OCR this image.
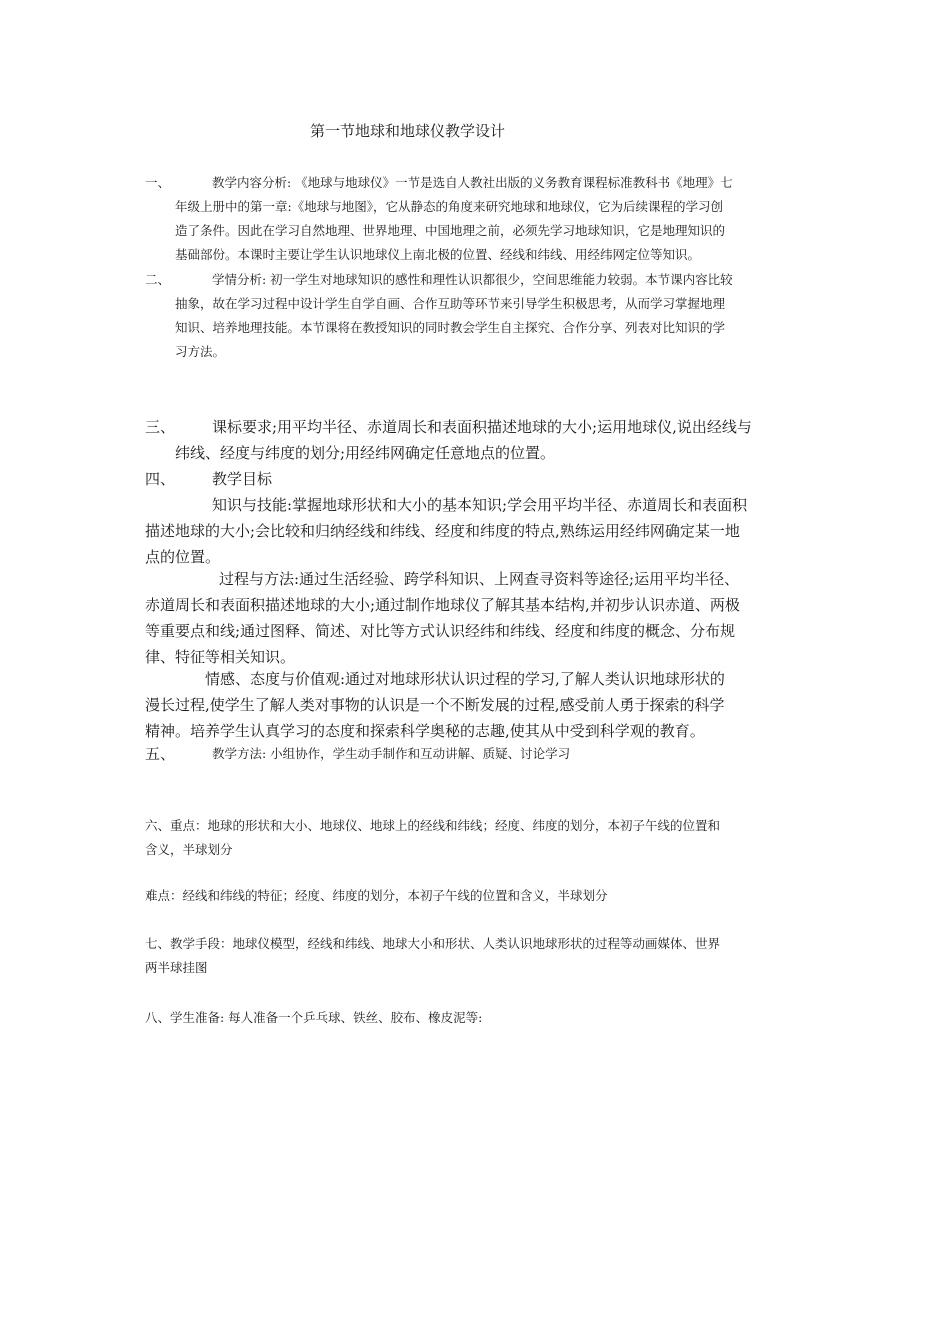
第一节地球和地球仪教学设计
一、	教学内容分析: 《地球与地球仪》一节是选自人教社出版的义务教育课程标准教科书《地理》七
年级上册中的第一章:《地球与地图》，它从静态的角度来研究地球和地球仪，它为后续课程的学习创
造了条件。因此在学习自然地理、世界地理、中国地理之前，必须先学习地球知识，它是地理知识的
基础部份。本课时主要让学生认识地球仪上南北极的位置、经线和纬线、用经纬网定位等知识。
二、	学情分析: 初一学生对地球知识的感性和理性认识都很少，空间思维能力较弱。本节课内容比较
抽象，故在学习过程中设计学生自学自画、合作互助等环节来引导学生积极思考，从而学习掌握地理
知识、培养地理技能。本节课将在教授知识的同时教会学生自主探究、合作分享、列表对比知识的学
习方法。
三、	课标要求;用平均半径、赤道周长和表面积描述地球的大小;运用地球仪,说出经线与
纬线、经度与纬度的划分;用经纬网确定任意地点的位置。
四、	教学目标
知识与技能:掌握地球形状和大小的基本知识;学会用平均半径、赤道周长和表面积
描述地球的大小;会比较和归纳经线和纬线、经度和纬度的特点,熟练运用经纬网确定某一地
点的位置。
过程与方法:通过生活经验、跨学科知识、上网查寻资料等途径;运用平均半径、
赤道周长和表面积描述地球的大小;通过制作地球仪了解其基本结构,并初步认识赤道、两极
等重要点和线;通过图释、简述、对比等方式认识经纬和纬线、经度和纬度的概念、分布规
律、特征等相关知识。
情感、态度与价值观:通过对地球形状认识过程的学习,了解人类认识地球形状的
漫长过程,使学生了解人类对事物的认识是一个不断发展的过程,感受前人勇于探索的科学
精神。培养学生认真学习的态度和探索科学奥秘的志趣,使其从中受到科学观的教育。
五、	教学方法: 小组协作，学生动手制作和互动讲解、质疑、讨论学习
六、重点：地球的形状和大小、地球仪、地球上的经线和纬线；经度、纬度的划分，本初子午线的位置和
含义，半球划分
难点：经线和纬线的特征；经度、纬度的划分，本初子午线的位置和含义，半球划分
七、教学手段：地球仪模型，经线和纬线、地球大小和形状、人类认识地球形状的过程等动画媒体、世界
两半球挂图
八、学生准备: 每人准备一个乒乓球、铁丝、胶布、橡皮泥等:
